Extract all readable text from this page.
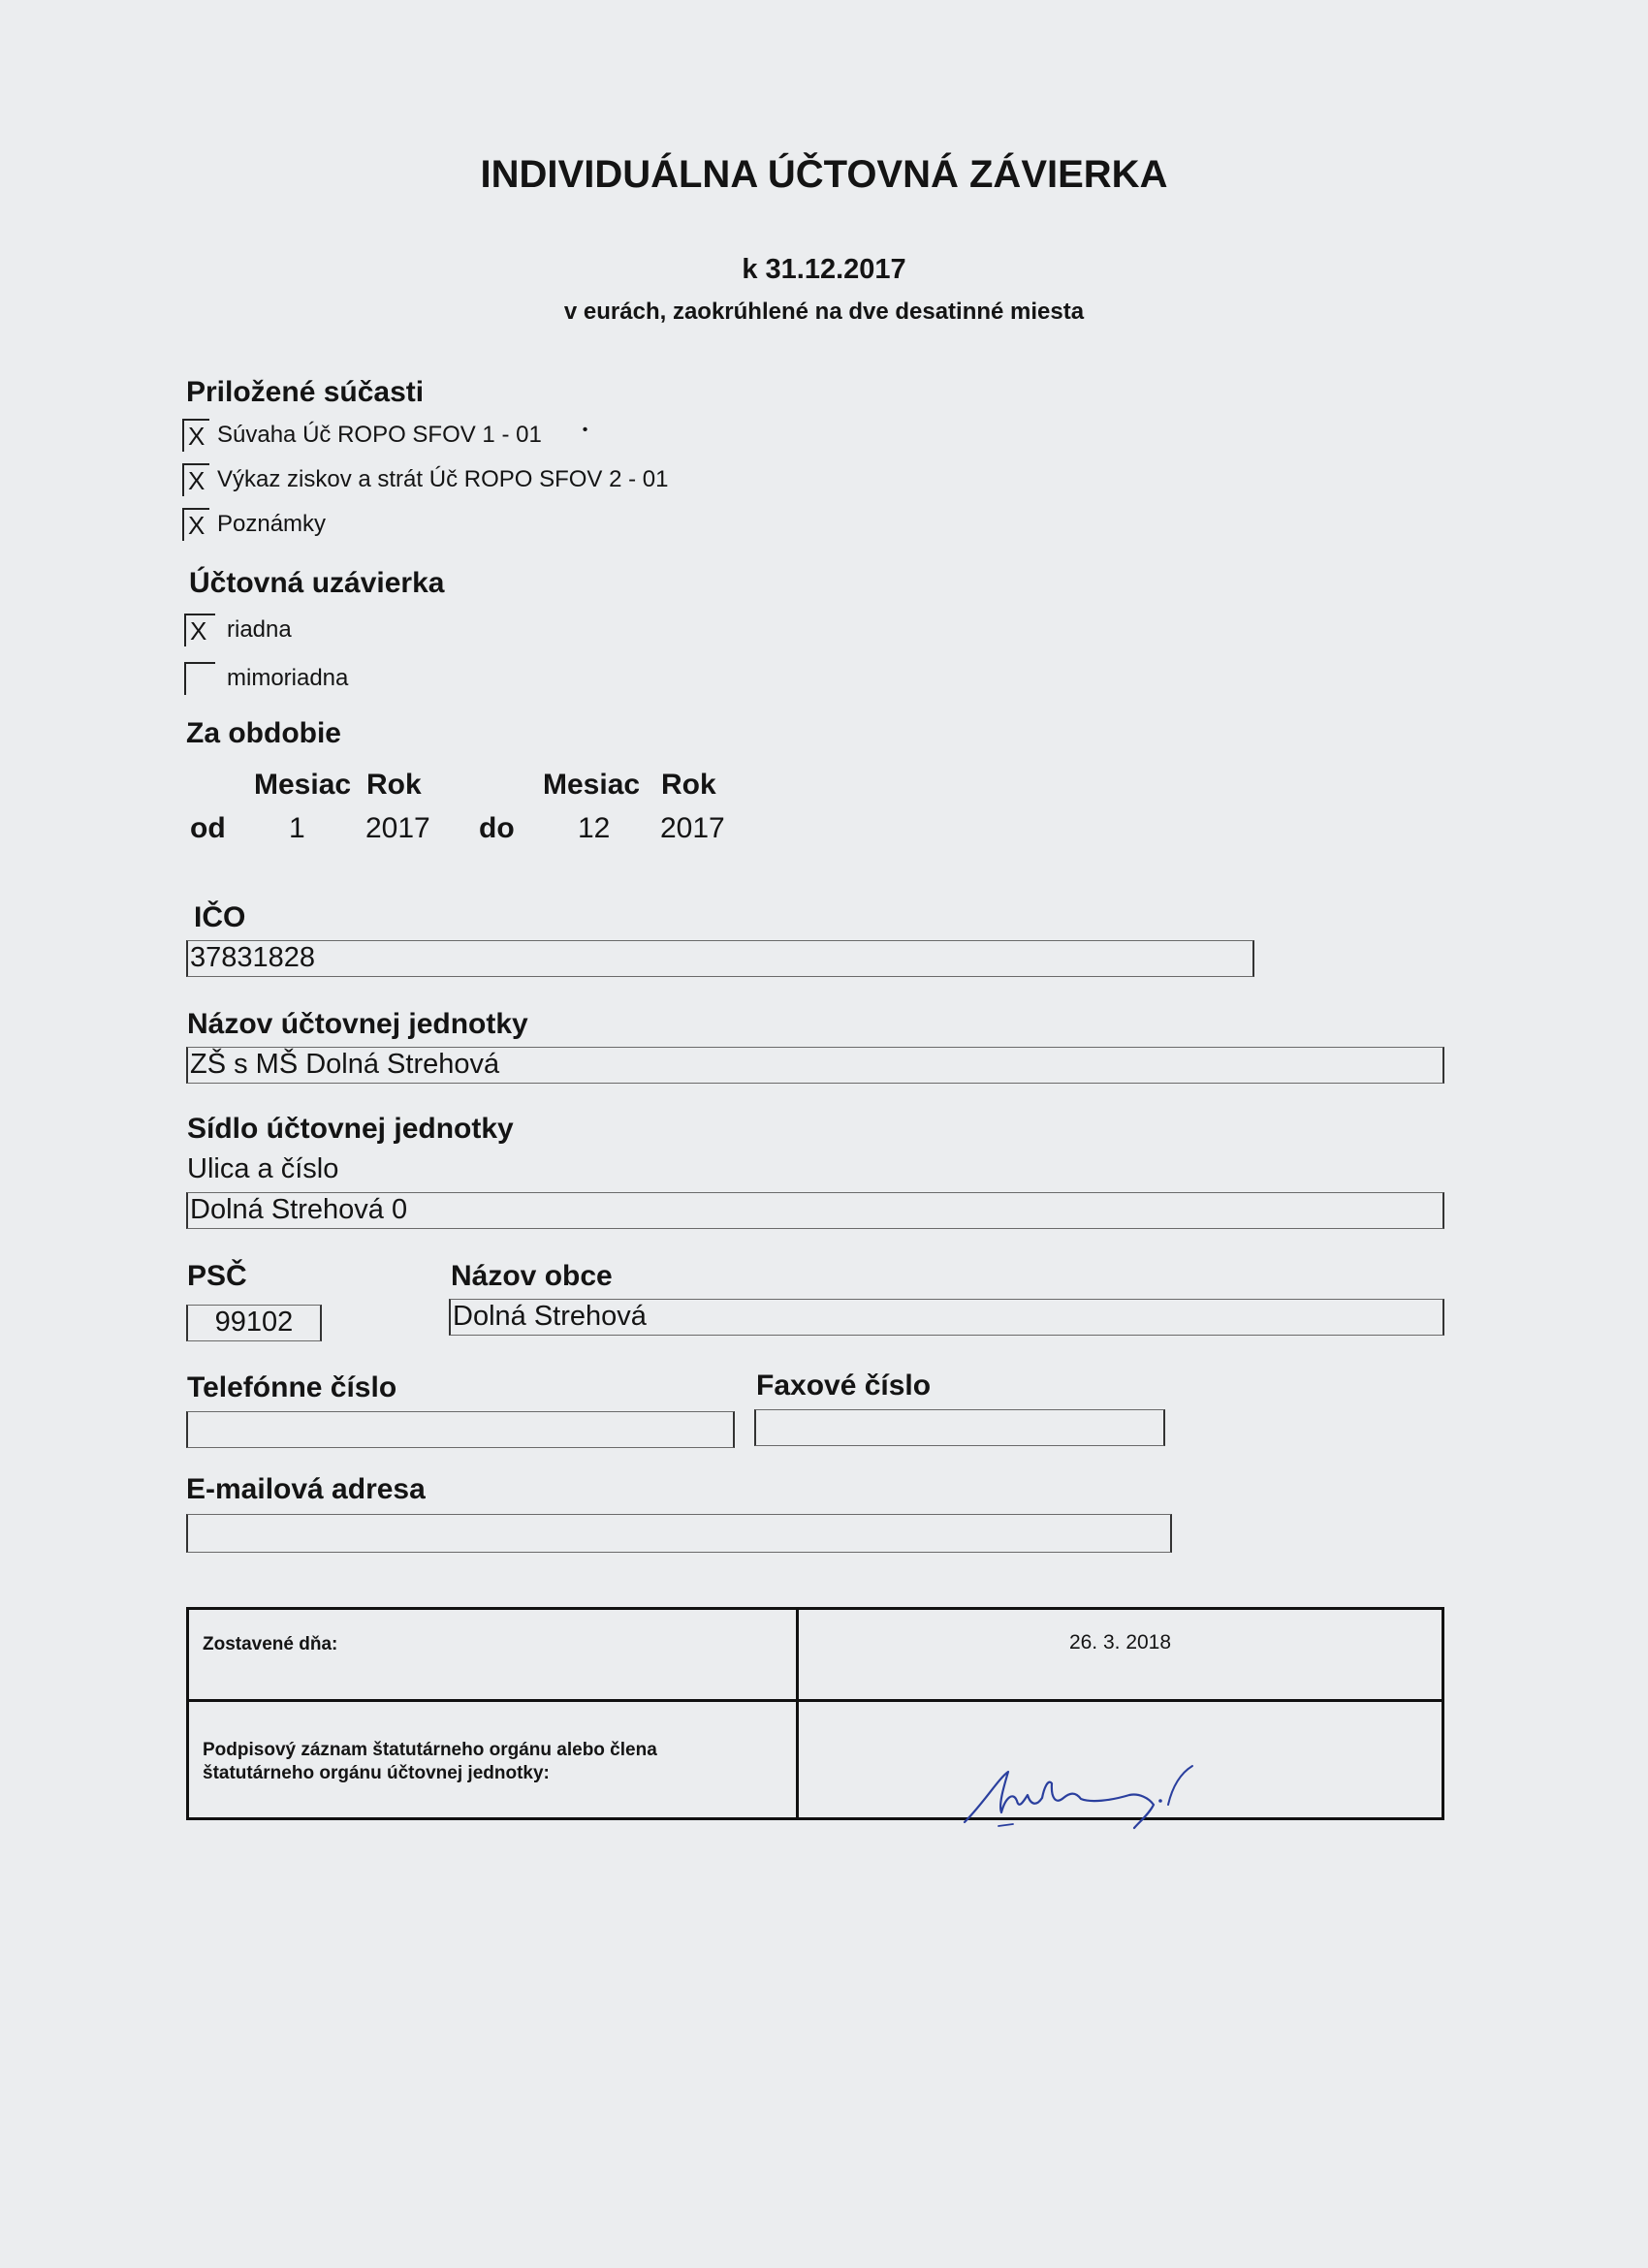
INDIVIDUÁLNA ÚČTOVNÁ ZÁVIERKA
k 31.12.2017
v eurách, zaokrúhlené na dve desatinné miesta
Priložené súčasti
X Súvaha Úč ROPO SFOV 1 - 01	•
X Výkaz ziskov a strát Úč ROPO SFOV 2 - 01
X Poznámky
Účtovná uzávierka
X riadna
mimoriadna
Za obdobie
Mesiac Rok	Mesiac Rok
od 1 2017 do 12 2017
IČO
37831828
Názov účtovnej jednotky
ZŠ s MŠ Dolná Strehová
Sídlo účtovnej jednotky
Ulica a číslo
Dolná Strehová 0
PSČ
99102
Názov obce
Dolná Strehová
Telefónne číslo	Faxové číslo
E-mailová adresa
Zostavené dňa:	26. 3. 2018

Podpisový záznam štatutárneho orgánu alebo člena
štatutárneho orgánu účtovnej jednotky:	
